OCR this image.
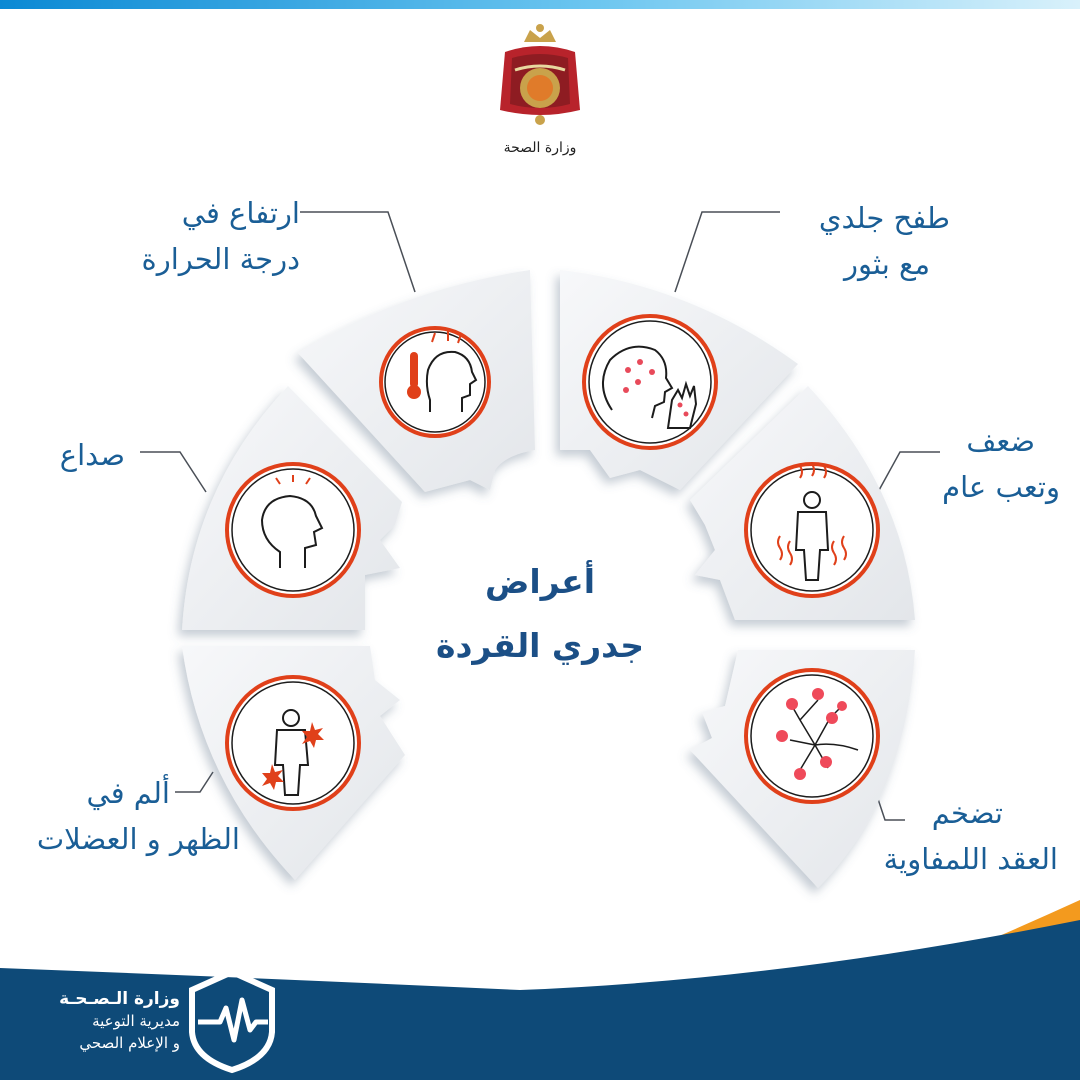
وزارة الصحة
أعراض
جدري القردة
ارتفاع في
درجة الحرارة
طفح جلدي
مع بثور
صداع	ضعف
وتعب عام
ألم في
الظهر و العضلات
تضخم
العقد اللمفاوية
وزارة الـصـحـة
مديرية التوعية
و الإعلام الصحي
